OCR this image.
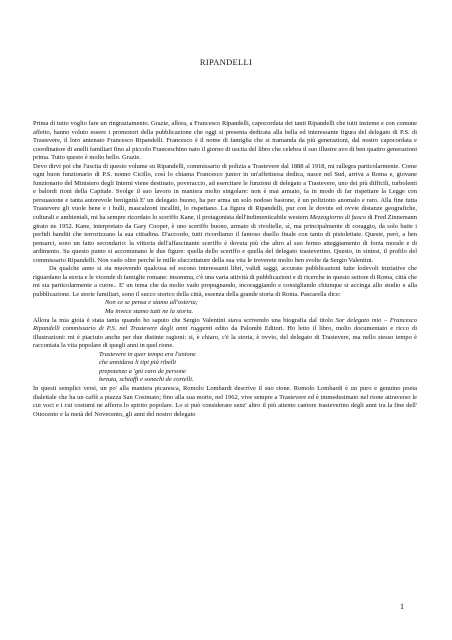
RIPANDELLI

Prima di tutto voglio fare un ringraziamento. Grazie, allora, a Francesco Ripandelli, capocordata dei tanti Ripandelli che tutti insieme e con comune affetto, hanno voluto essere i promotori della pubblicazione che oggi si presenta dedicata alla bella ed interessante figura del delegato di P.S. di Trastevere, il loro antenato Francesco Ripandelli. Francesco è il nome di famiglia che si tramanda da più generazioni, dal nostro capocordata e coordinatore di anelli familiari fino al piccolo Franceschino nato il giorno di uscita del libro che celebra il suo illustre avo di ben quattro generazioni prima. Tutto questo è molto bello. Grazie.

Devo dirvi poi che l'uscita di questo volume su Ripandelli, commissario di polizia a Trastevere dal 1888 al 1918, mi rallegra particolarmente. Come ogni buon funzionario di P.S. nonno Cicillo, così lo chiama Francesco junior in un'affettuosa dedica, nasce nel Sud, arriva a Roma e, giovane funzionario del Ministero degli Interni viene destinato, poveraccio, ad esercitare le funzioni di delegato a Trastevere, uno dei più difficili, turbolenti e balordi rioni della Capitale. Svolge il suo lavoro in maniera molto singolare: non è mai armato, fa in modo di far rispettare la Legge con persuasione e tanta autorevole benignità E' un delegato buono, ha per arma un solo nodoso bastone, è un poliziotto anomalo e raro. Alla fine tutta Trastevere gli vuole bene e i bulli, mascalzoni incalliti, lo rispettano. La figura di Ripandelli, pur con le dovute ed ovvie distanze geografiche, culturali e ambientali, mi ha sempre ricordato lo sceriffo Kane, il protagonista dell'indimenticabile western Mezzogiorno di fuoco di Fred Zinnemann girato ne 1952. Kane, interpretato da Gary Cooper, è uno sceriffo buono, armato di rivoltelle, sì, ma principalmente di coraggio, da solo batte i perfidi banditi che terrorizzano la sua cittadina. D'accordo, tutti ricordiamo il famoso duello finale con tanto di pistolettate. Queste, però, a ben pensarci, sono un fatto secondario: la vittoria dell'affascinante sceriffo è dovuta più che altro al suo fermo atteggiamento di forza morale e di ardimento. Su questo punto si accomunano le due figure: quella dello sceriffo e quella del delegato trasteverino. Questo, in sintesi, il profilo del commissario Ripandelli. Non vado oltre perché le mille sfaccettature della sua vita le troverete molto ben svolte da Sergio Valentini.

Da qualche anno si sta muovendo qualcosa ed escono interessanti libri, validi saggi, accurate pubblicazioni tutte lodevoli iniziative che riguardano la storia e le vicende di famiglie romane: insomma, c'è una varia attività di pubblicazioni e di ricerche in questo settore di Roma, città che mi sta particolarmente a cuore.. E' un tema che da molto vado propugnando, incoraggiando e consigliando chiunque si accinga allo studio e alla pubblicazione. Le storie familiari, sono il succo storico della città, essenza della grande storia di Roma. Pascarella dice:

Non ce se pensa e stamo all'osteria;

Ma invece stamo tutti ne la storia.

Allora la mia gioia è stata tanta quando ho saputo che Sergio Valentini stava scrivendo una biografia dal titolo Sor delegato mio – Francesco Ripandelli commissario di P.S. nel Trastevere degli anni ruggenti edito da Palombi Editori. Ho letto il libro, molto documentato e ricco di illustrazioni: mi è piaciuto anche per due distinte ragioni: si, è chiaro, c'è la storia, è ovvio, del delegato di Trastevere, ma nello stesso tempo è raccontata la vita popolare di quegli anni in quel rione.

Trastevere in quer tempo era l'unione

che annidava li tipi più ribelli

prepotenze a 'gni caro de persone

bevuta, schiaffi e sonechi de cortelli.

In questi semplici versi, un po' alla maniera picaresca, Romolo Lombardi descrive il suo rione. Romolo Lombardi è un puro e genuino poeta dialettale che ha un caffè a piazza San Cosimato; fino alla sua morte, nel 1962, vive sempre a Trastevere ed è immedesimato nel rione attraverso le cui voci e i cui costumi ne afferra lo spirito popolare. Lo si può considerare senz' altro il più attento cantore trasteverino degli anni tra la fine dell' Ottocento e la metà del Novecento, gli anni del nostro delegato

1
